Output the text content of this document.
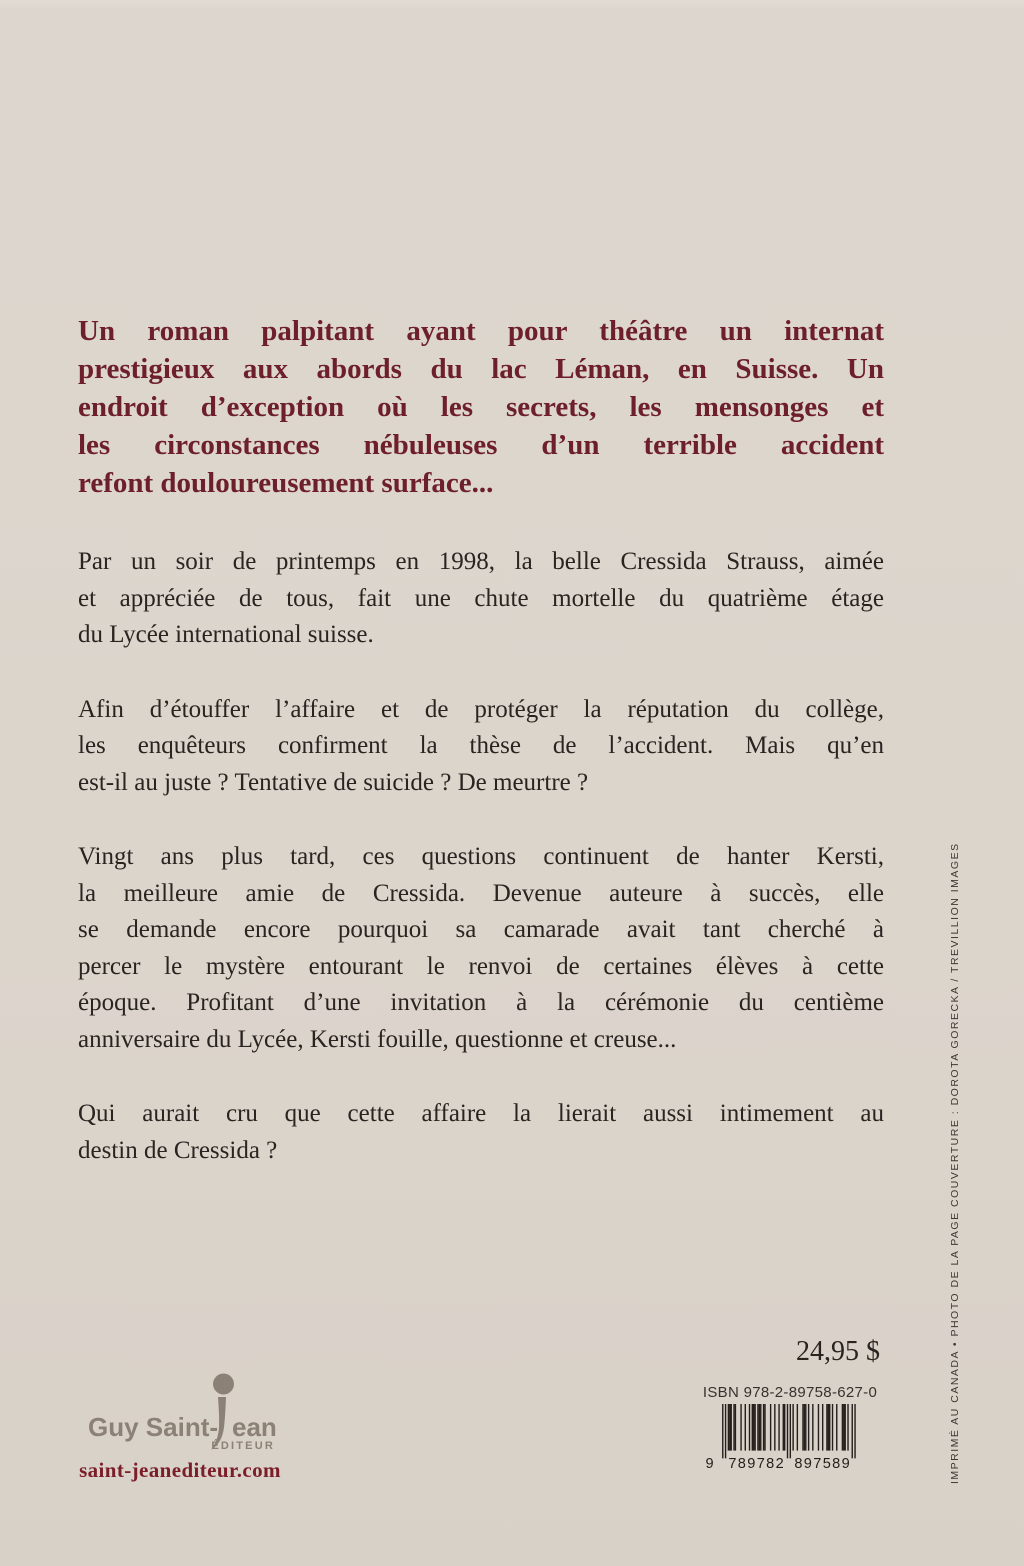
Un roman palpitant ayant pour théâtre un internat
prestigieux aux abords du lac Léman, en Suisse. Un
endroit d’exception où les secrets, les mensonges et
les circonstances nébuleuses d’un terrible accident
refont douloureusement surface...
Par un soir de printemps en 1998, la belle Cressida Strauss, aimée
et appréciée de tous, fait une chute mortelle du quatrième étage
du Lycée international suisse.
Afin d’étouffer l’affaire et de protéger la réputation du collège,
les enquêteurs confirment la thèse de l’accident. Mais qu’en
est-il au juste ? Tentative de suicide ? De meurtre ?
Vingt ans plus tard, ces questions continuent de hanter Kersti,
la meilleure amie de Cressida. Devenue auteure à succès, elle
se demande encore pourquoi sa camarade avait tant cherché à
percer le mystère entourant le renvoi de certaines élèves à cette
époque. Profitant d’une invitation à la cérémonie du centième
anniversaire du Lycée, Kersti fouille, questionne et creuse...
Qui aurait cru que cette affaire la lierait aussi intimement au
destin de Cressida ?	IMPRIMÉ AU CANADA • PHOTO DE LA PAGE COUVERTURE : DOROTA GORECKA / TREVILLION IMAGES
24,95 $
ISBN 978-2-89758-627-0
9 789782 897589
Guy Saint- ean
ÉDITEUR
saint-jeanediteur.com
